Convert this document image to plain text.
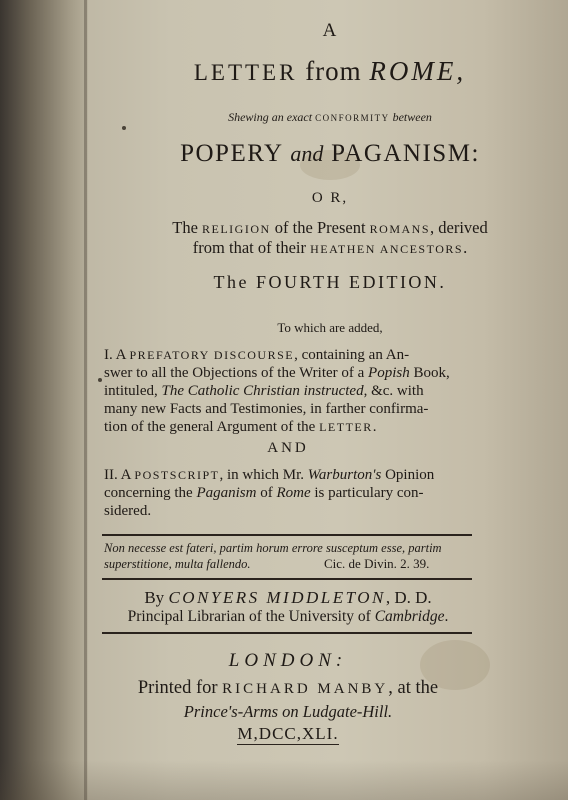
A
LETTER from ROME,
Shewing an exact CONFORMITY between
POPERY and PAGANISM:
O R,
The RELIGION of the Present ROMANS, derived
from that of their HEATHEN ANCESTORS.
The FOURTH EDITION.
To which are added,
I. A PREFATORY DISCOURSE, containing an An-
swer to all the Objections of the Writer of a Popish Book,
intituled, The Catholic Christian instructed, &c. with
many new Facts and Testimonies, in farther confirma-
tion of the general Argument of the LETTER.
AND
II. A POSTSCRIPT, in which Mr. Warburton's Opinion
concerning the Paganism of Rome is particulary con-
sidered.
Non necesse est fateri, partim horum errore susceptum esse, partim
superstitione, multa fallendo.	Cic. de Divin. 2. 39.
By CONYERS MIDDLETON, D. D.
Principal Librarian of the University of Cambridge.
LONDON:
Printed for RICHARD MANBY, at the
Prince's-Arms on Ludgate-Hill.
M,DCC,XLI.
